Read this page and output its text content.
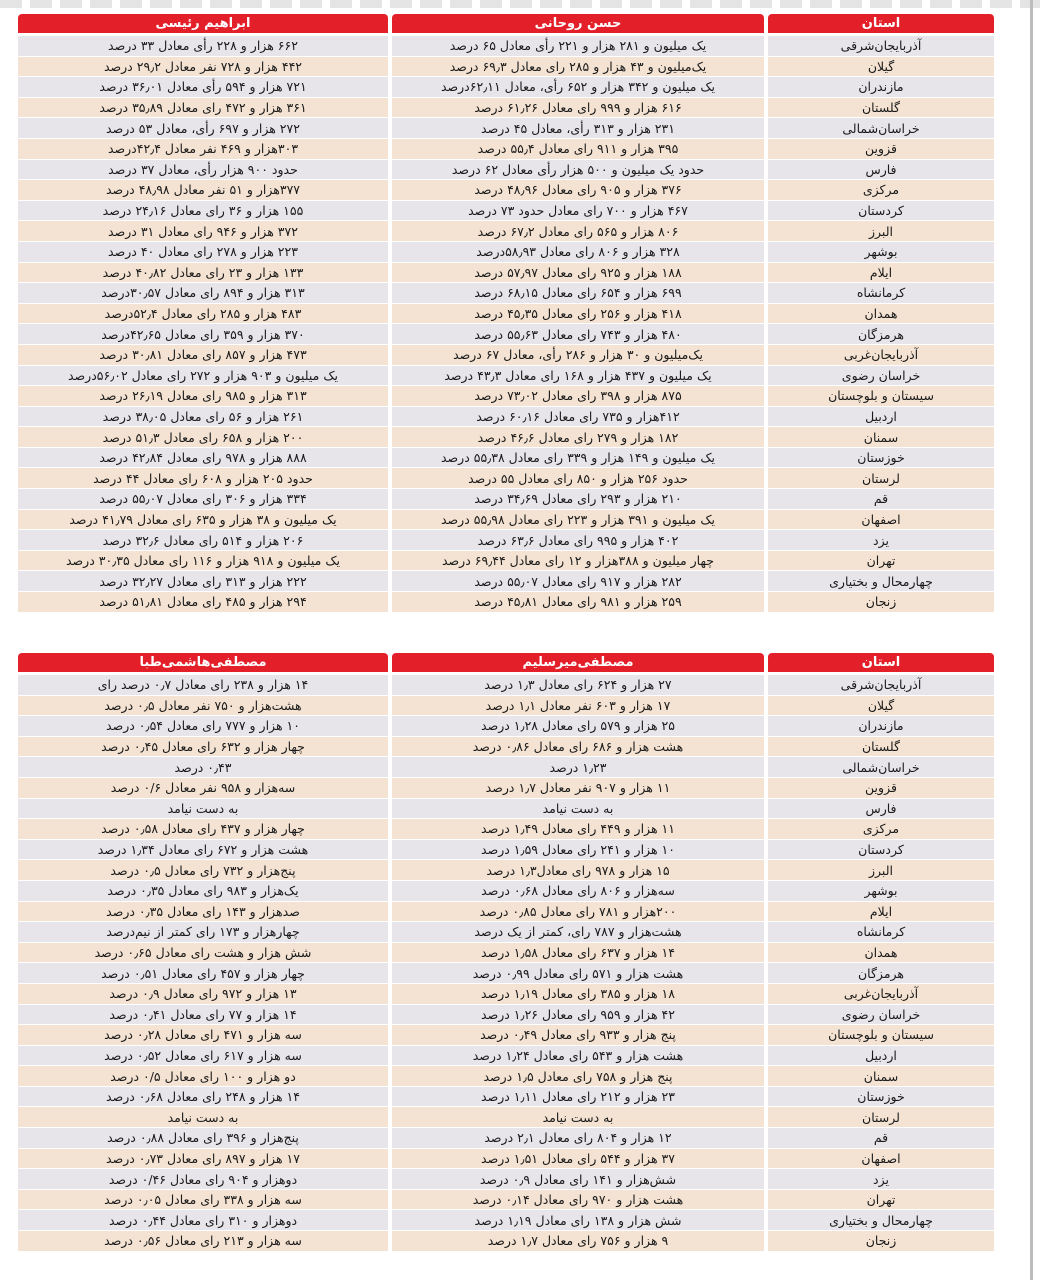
استان	حسن روحانی	ابراهیم رئیسی
آذربایجان‌شرقی	یک میلیون و ۲۸۱ هزار و ۲۲۱ رأی معادل ۶۵ درصد	۶۶۲ هزار و ۲۲۸ رأی معادل ۳۳ درصد
گیلان	یک‌میلیون و ۴۳ هزار و ۲۸۵ رای معادل ۶۹٫۳ درصد	۴۴۲ هزار و ۷۲۸ نفر معادل ۲۹٫۲ درصد
مازندران	یک میلیون و ۳۴۲ هزار و ۶۵۲ رأی، معادل ۶۲٫۱۱درصد	۷۲۱ هزار و ۵۹۴ رأی معادل ۳۶٫۰۱ درصد
گلستان	۶۱۶ هزار و ۹۹۹ رای معادل ۶۱٫۲۶ درصد	۳۶۱ هزار و ۴۷۲ رای معادل ۳۵٫۸۹ درصد
خراسان‌شمالی	۲۳۱ هزار و ۳۱۳ رأی، معادل ۴۵ درصد	۲۷۲ هزار و ۶۹۷ رأی، معادل ۵۳ درصد
قزوین	۳۹۵ هزار و ۹۱۱ رای معادل ۵۵٫۴ درصد	۳۰۳هزار و ۴۶۹ نفر معادل ۴۲٫۴درصد
فارس	حدود یک میلیون و ۵۰۰ هزار رأی معادل ۶۲ درصد	حدود ۹۰۰ هزار رأی، معادل ۳۷ درصد
مرکزی	۳۷۶ هزار و ۹۰۵ رای معادل ۴۸٫۹۶ درصد	۳۷۷هزار و ۵۱ نفر معادل ۴۸٫۹۸ درصد
کردستان	۴۶۷ هزار و ۷۰۰ رای معادل حدود ۷۳ درصد	۱۵۵ هزار و ۳۶ رای معادل ۲۴٫۱۶ درصد
البرز	۸۰۶ هزار و ۵۶۵ رای معادل ۶۷٫۲ درصد	۳۷۲ هزار و ۹۴۶ رای معادل ۳۱ درصد
بوشهر	۳۲۸ هزار و ۸۰۶ رای معادل ۵۸٫۹۳درصد	۲۲۳ هزار و ۲۷۸ رای معادل ۴۰ درصد
ایلام	۱۸۸ هزار و ۹۲۵ رای معادل ۵۷٫۹۷ درصد	۱۳۳ هزار و ۲۳ رای معادل ۴۰٫۸۲ درصد
کرمانشاه	۶۹۹ هزار و ۶۵۴ رای معادل ۶۸٫۱۵ درصد	۳۱۳ هزار و ۸۹۴ رای معادل ۳۰٫۵۷درصد
همدان	۴۱۸ هزار و ۲۵۶ رای معادل ۴۵٫۳۵ درصد	۴۸۳ هزار و ۲۸۵ رای معادل ۵۲٫۴درصد
هرمزگان	۴۸۰ هزار و ۷۴۳ رای معادل ۵۵٫۶۳ درصد	۳۷۰ هزار و ۳۵۹ رای معادل ۴۲٫۶۵درصد
آذربایجان‌غربی	یک‌میلیون و ۳۰ هزار و ۲۸۶ رأی، معادل ۶۷ درصد	۴۷۳ هزار و ۸۵۷ رای معادل ۳۰٫۸۱ درصد
خراسان رضوی	یک میلیون و ۴۳۷ هزار و ۱۶۸ رای معادل ۴۳٫۳ درصد	یک میلیون و ۹۰۳ هزار و ۲۷۲ رای معادل ۵۶٫۰۲درصد
سیستان و بلوچستان	۸۷۵ هزار و ۳۹۸ رای معادل ۷۳٫۰۲ درصد	۳۱۳ هزار و ۹۸۵ رای معادل ۲۶٫۱۹ درصد
اردبیل	۴۱۲هزار و ۷۳۵ رای معادل ۶۰٫۱۶ درصد	۲۶۱ هزار و ۵۶ رای معادل ۳۸٫۰۵ درصد
سمنان	۱۸۲ هزار و ۲۷۹ رای معادل ۴۶٫۶ درصد	۲۰۰ هزار و ۶۵۸ رای معادل ۵۱٫۳ درصد
خوزستان	یک میلیون و ۱۴۹ هزار و ۳۳۹ رای معادل ۵۵٫۳۸ درصد	۸۸۸ هزار و ۹۷۸ رای معادل ۴۲٫۸۴ درصد
لرستان	حدود ۲۵۶ هزار و ۸۵۰ رای معادل ۵۵ درصد	حدود ۲۰۵ هزار و ۶۰۸ رای معادل ۴۴ درصد
قم	۲۱۰ هزار و ۲۹۳ رای معادل ۳۴٫۶۹ درصد	۳۳۴ هزار و ۳۰۶ رای معادل ۵۵٫۰۷ درصد
اصفهان	یک میلیون و ۳۹۱ هزار و ۲۲۳ رای معادل ۵۵٫۹۸ درصد	یک میلیون و ۳۸ هزار و ۶۳۵ رای معادل ۴۱٫۷۹ درصد
یزد	۴۰۲ هزار و ۹۹۵ رای معادل ۶۳٫۶ درصد	۲۰۶ هزار و ۵۱۴ رای معادل ۳۲٫۶ درصد
تهران	چهار میلیون و ۳۸۸هزار و ۱۲ رای معادل ۶۹٫۴۴ درصد	یک میلیون و ۹۱۸ هزار و ۱۱۶ رای معادل ۳۰٫۳۵ درصد
چهارمحال و بختیاری	۲۸۲ هزار و ۹۱۷ رای معادل ۵۵٫۰۷ درصد	۲۲۲ هزار و ۳۱۳ رای معادل ۳۲٫۲۷ درصد
زنجان	۲۵۹ هزار و ۹۸۱ رای معادل ۴۵٫۸۱ درصد	۲۹۴ هزار و ۴۸۵ رای معادل ۵۱٫۸۱ درصد
استان	مصطفی‌میرسلیم	مصطفی‌هاشمی‌طبا
آذربایجان‌شرقی	۲۷ هزار و ۶۲۴ رای معادل ۱٫۳ درصد	۱۴ هزار و ۲۳۸ رای معادل ۰٫۷ درصد رای
گیلان	۱۷ هزار و ۶۰۳ نفر معادل ۱٫۱ درصد	هشت‌هزار و ۷۵۰ نفر معادل ۰٫۵ درصد
مازندران	۲۵ هزار و ۵۷۹ رای معادل ۱٫۲۸ درصد	۱۰ هزار و ۷۷۷ رای معادل ۰٫۵۴ درصد
گلستان	هشت هزار و ۶۸۶ رای معادل ۰٫۸۶ درصد	چهار هزار و ۶۳۲ رای معادل ۰٫۴۵ درصد
خراسان‌شمالی	۱٫۲۳ درصد	۰٫۴۳ درصد
قزوین	۱۱ هزار و ۹۰۷ نفر معادل ۱٫۷ درصد	سه‌هزار و ۹۵۸ نفر معادل ۰/۶ درصد
فارس	به دست نیامد	به دست نیامد
مرکزی	۱۱ هزار و ۴۴۹ رای معادل ۱٫۴۹ درصد	چهار هزار و ۴۳۷ رای معادل ۰٫۵۸ درصد
کردستان	۱۰ هزار و ۲۴۱ رای معادل ۱٫۵۹ درصد	هشت هزار و ۶۷۲ رای معادل ۱٫۳۴ درصد
البرز	۱۵ هزار و ۹۷۸ رای معادل۱٫۳ درصد	پنج‌هزار و ۷۳۲ رای معادل ۰٫۵ درصد
بوشهر	سه‌هزار و ۸۰۶ رای معادل ۰٫۶۸ درصد	یک‌هزار و ۹۸۳ رای معادل ۰٫۳۵ درصد
ایلام	۲۰۰هزار و ۷۸۱ رای معادل ۰٫۸۵ درصد	صدهزار و ۱۴۳ رای معادل ۰٫۳۵ درصد
کرمانشاه	هشت‌هزار و ۷۸۷ رای، کمتر از یک درصد	چهارهزار و ۱۷۳ رای کمتر از نیم‌درصد
همدان	۱۴ هزار و ۶۳۷ رای معادل ۱٫۵۸ درصد	شش هزار و هشت رای معادل ۰٫۶۵ درصد
هرمزگان	هشت هزار و ۵۷۱ رای معادل ۰٫۹۹ درصد	چهار هزار و ۴۵۷ رای معادل ۰٫۵۱ درصد
آذربایجان‌غربی	۱۸ هزار و ۳۸۵ رای معادل ۱٫۱۹ درصد	۱۳ هزار و ۹۷۲ رای معادل ۰٫۹ درصد
خراسان رضوی	۴۲ هزار و ۹۵۹ رای معادل ۱٫۲۶ درصد	۱۴ هزار و ۷۷ رای معادل ۰٫۴۱ درصد
سیستان و بلوچستان	پنج هزار و ۹۳۳ رای معادل ۰٫۴۹ درصد	سه هزار و ۴۷۱ رای معادل ۰٫۲۸ درصد
اردبیل	هشت هزار و ۵۴۳ رای معادل ۱٫۲۴ درصد	سه هزار و ۶۱۷ رای معادل ۰٫۵۲ درصد
سمنان	پنج هزار و ۷۵۸ رای معادل ۱٫۵ درصد	دو هزار و ۱۰۰ رای معادل ۰/۵ درصد
خوزستان	۲۳ هزار و ۲۱۲ رای معادل ۱٫۱۱ درصد	۱۴ هزار و ۲۴۸ رای معادل ۰٫۶۸ درصد
لرستان	به دست نیامد	به دست نیامد
قم	۱۲ هزار و ۸۰۴ رای معادل ۲٫۱ درصد	پنج‌هزار و ۳۹۶ رای معادل ۰٫۸۸ درصد
اصفهان	۳۷ هزار و ۵۴۴ رای معادل ۱٫۵۱ درصد	۱۷ هزار و ۸۹۷ رای معادل ۰٫۷۳ درصد
یزد	شش‌هزار و ۱۴۱ رای معادل ۰٫۹ درصد	دوهزار و ۹۰۴ رای معادل ۰/۴۶ درصد
تهران	هشت هزار و ۹۷۰ رای معادل ۰٫۱۴ درصد	سه هزار و ۳۳۸ رای معادل ۰٫۰۵ درصد
چهارمحال و بختیاری	شش هزار و ۱۳۸ رای معادل ۱٫۱۹ درصد	دوهزار و ۳۱۰ رای معادل ۰٫۴۴ درصد
زنجان	۹ هزار و ۷۵۶ رای معادل ۱٫۷ درصد	سه هزار و ۲۱۳ رای معادل ۰٫۵۶ درصد
